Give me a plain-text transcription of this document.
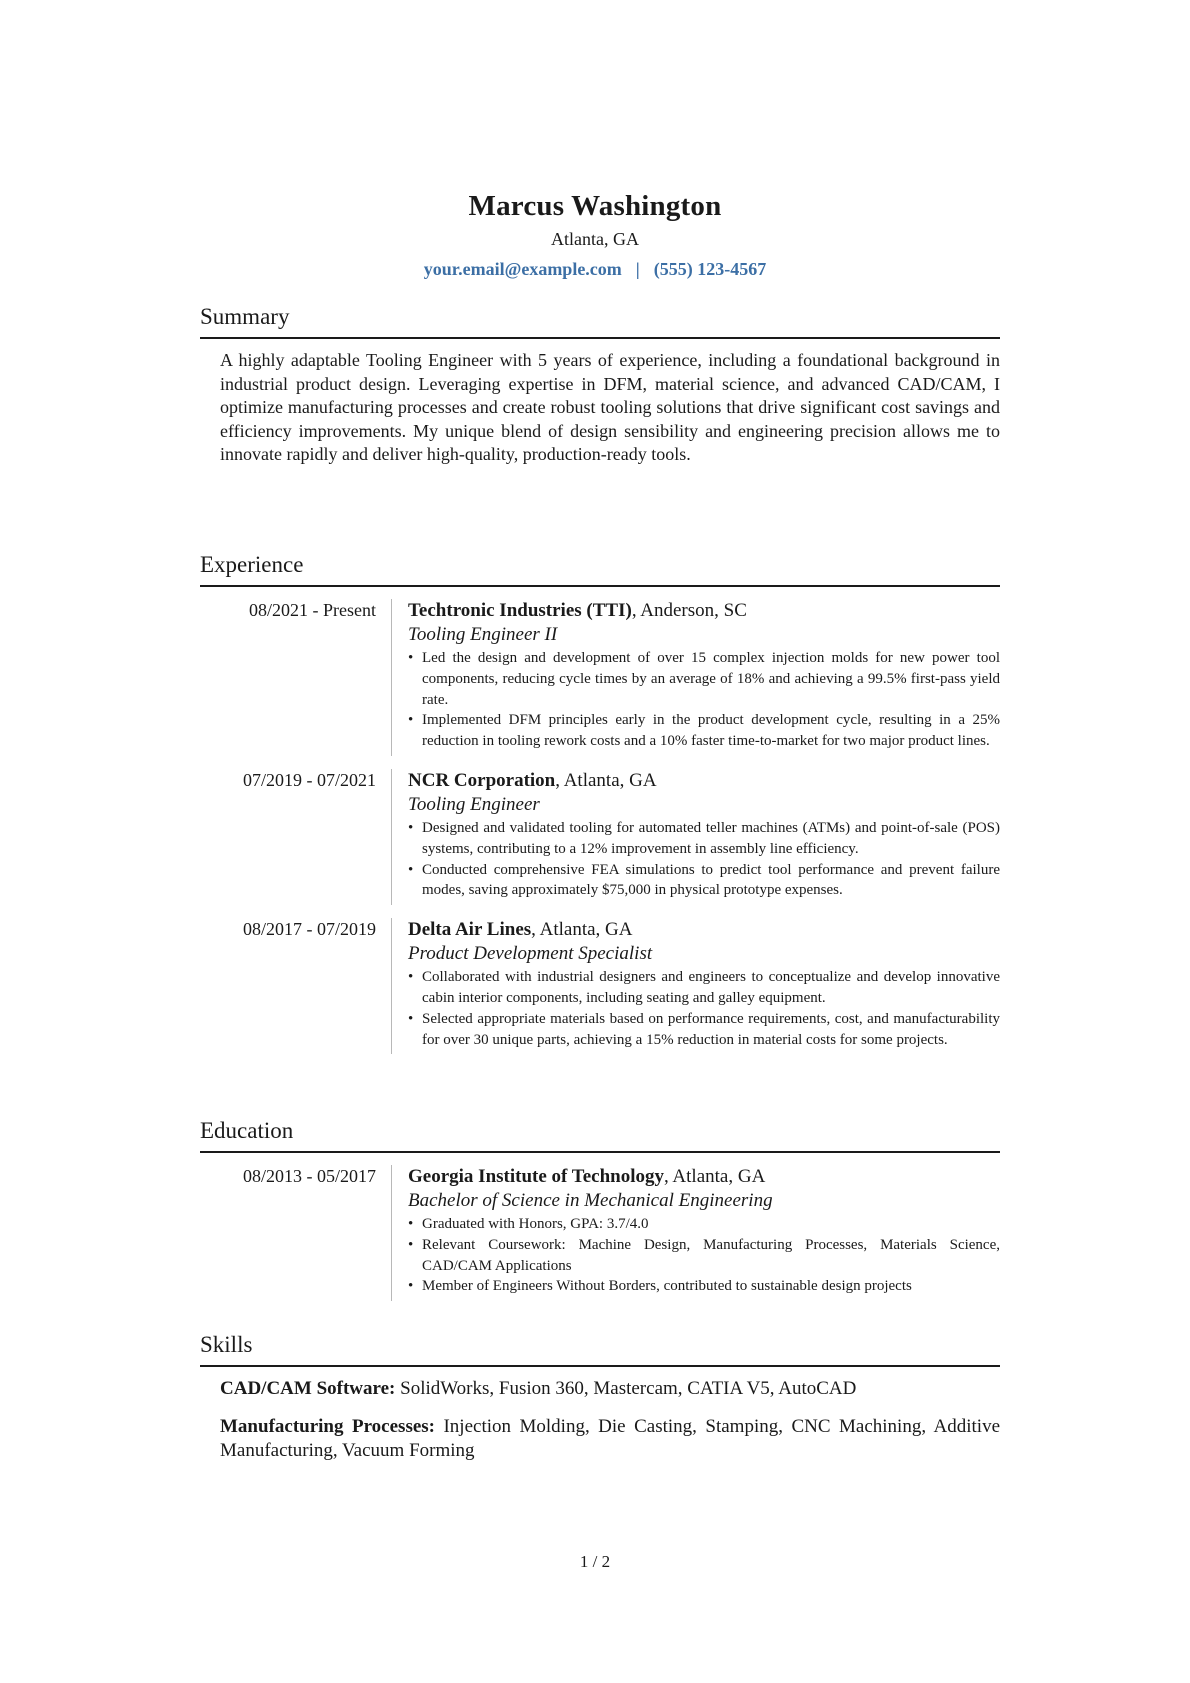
Marcus Washington
Atlanta, GA
your.email@example.com | (555) 123-4567
Summary
A highly adaptable Tooling Engineer with 5 years of experience, including a foundational background in industrial product design. Leveraging expertise in DFM, material science, and advanced CAD/CAM, I optimize manufacturing processes and create robust tooling solutions that drive significant cost savings and efficiency improvements. My unique blend of design sensibility and engineering precision allows me to innovate rapidly and deliver high-quality, production-ready tools.
Experience
08/2021 - Present Techtronic Industries (TTI), Anderson, SC
Tooling Engineer II
• Led the design and development of over 15 complex injection molds for new power tool components, reducing cycle times by an average of 18% and achieving a 99.5% first-pass yield rate.
• Implemented DFM principles early in the product development cycle, resulting in a 25% reduction in tooling rework costs and a 10% faster time-to-market for two major product lines.
07/2019 - 07/2021 NCR Corporation, Atlanta, GA
Tooling Engineer
• Designed and validated tooling for automated teller machines (ATMs) and point-of-sale (POS) systems, contributing to a 12% improvement in assembly line efficiency.
• Conducted comprehensive FEA simulations to predict tool performance and prevent failure modes, saving approximately $75,000 in physical prototype expenses.
08/2017 - 07/2019 Delta Air Lines, Atlanta, GA
Product Development Specialist
• Collaborated with industrial designers and engineers to conceptualize and develop innovative cabin interior components, including seating and galley equipment.
• Selected appropriate materials based on performance requirements, cost, and manufacturability for over 30 unique parts, achieving a 15% reduction in material costs for some projects.
Education
08/2013 - 05/2017 Georgia Institute of Technology, Atlanta, GA
Bachelor of Science in Mechanical Engineering
• Graduated with Honors, GPA: 3.7/4.0
• Relevant Coursework: Machine Design, Manufacturing Processes, Materials Science, CAD/CAM Applications
• Member of Engineers Without Borders, contributed to sustainable design projects
Skills
CAD/CAM Software: SolidWorks, Fusion 360, Mastercam, CATIA V5, AutoCAD
Manufacturing Processes: Injection Molding, Die Casting, Stamping, CNC Machining, Additive Manufacturing, Vacuum Forming
1 / 2
